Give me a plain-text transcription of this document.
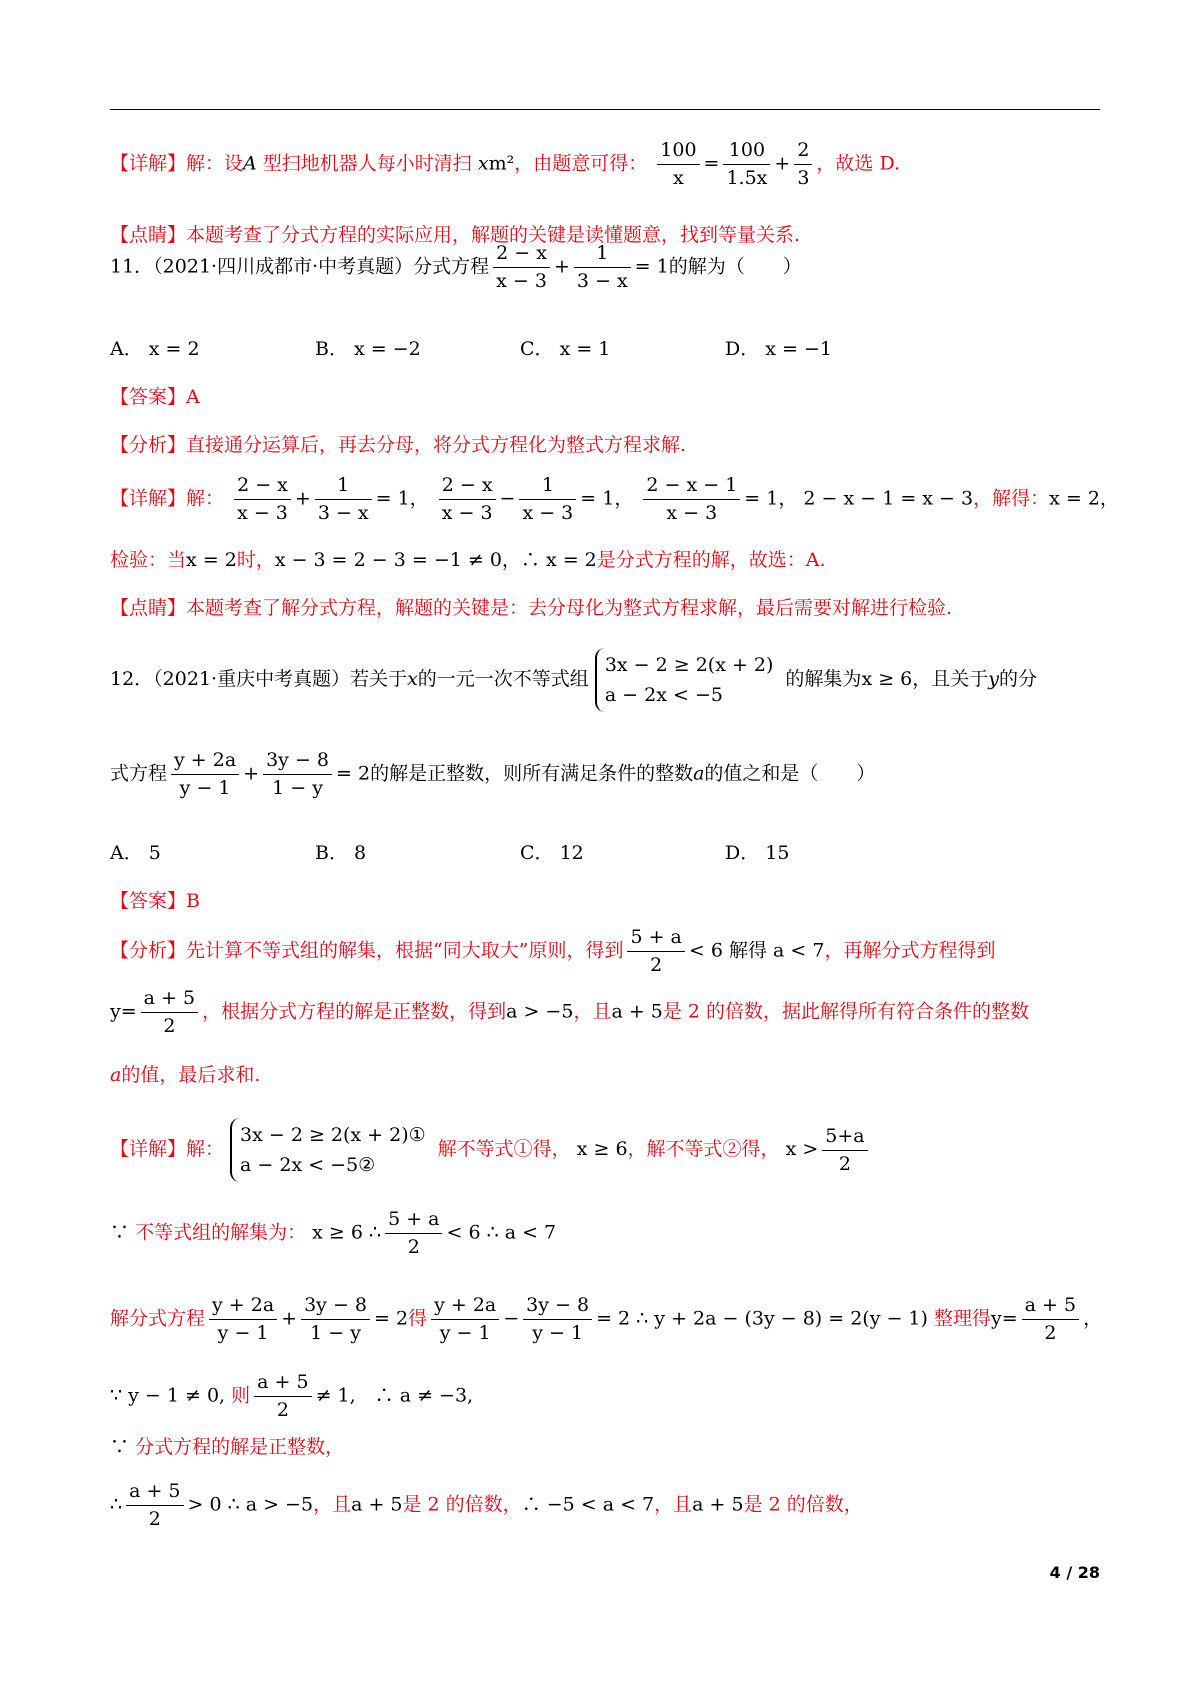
【详解】解：设A 型扫地机器人每小时清扫 xm²，由题意可得： $\frac{100}{x} = \frac{100}{1.5x} + \frac{2}{3}$ ，故选 D.
【点睛】本题考查了分式方程的实际应用，解题的关键是读懂题意，找到等量关系.
11．（2021·四川成都市·中考真题）分式方程 $\frac{2 - x}{x - 3} + \frac{1}{3 - x} = 1$的解为（　　）
A． x = 2	B． x = −2	C． x = 1	D． x = −1
【答案】A
【分析】直接通分运算后，再去分母，将分式方程化为整式方程求解.
【详解】解： $\frac{2 - x}{x - 3} + \frac{1}{3 - x} = 1$， $\frac{2 - x}{x - 3} - \frac{1}{x - 3} = 1$， $\frac{2 - x - 1}{x - 3} = 1$， 2 − x − 1 = x − 3，解得：x = 2，
检验：当x = 2时，x − 3 = 2 − 3 = −1 ≠ 0，∴ x = 2是分式方程的解，故选：A.
【点睛】本题考查了解分式方程，解题的关键是：去分母化为整式方程求解，最后需要对解进行检验.
12．（2021·重庆中考真题）若关于x的一元一次不等式组
3x − 2 ≥ 2(x + 2)
a − 2x < −5
的解集为x ≥ 6，且关于y的分
式方程 $\frac{y + 2a}{y - 1} + \frac{3y - 8}{1 - y} = 2$的解是正整数，则所有满足条件的整数a的值之和是（　　）
A． 5	B． 8	C． 12	D． 15
【答案】B
【分析】先计算不等式组的解集，根据“同大取大”原则，得到 $\frac{5 + a}{2} < 6$ 解得 a < 7，再解分式方程得到
$y= \frac{a + 5}{2}$ ，根据分式方程的解是正整数，得到a > −5，且a + 5是 2 的倍数，据此解得所有符合条件的整数
a的值，最后求和.
【详解】解：
3x − 2 ≥ 2(x + 2)①
a − 2x < −5②
解不等式①得， x ≥ 6，解不等式②得， $x > \frac{5+a}{2}$
∵ 不等式组的解集为： x ≥ 6 ∴ $\frac{5 + a}{2} < 6$ ∴ a < 7
解分式方程 $\frac{y + 2a}{y - 1} + \frac{3y - 8}{1 - y} = 2$得 $\frac{y + 2a}{y - 1} - \frac{3y - 8}{y - 1} = 2$ ∴ y + 2a − (3y − 8) = 2(y − 1) 整理得$y= \frac{a + 5}{2}$ ，
∵ y − 1 ≠ 0, 则 $\frac{a + 5}{2} \ne 1$,　∴ a ≠ −3,
∵ 分式方程的解是正整数，
∴ $\frac{a + 5}{2} > 0$ ∴ a > −5，且a + 5是 2 的倍数，∴ −5 < a < 7，且a + 5是 2 的倍数，
4 / 28
